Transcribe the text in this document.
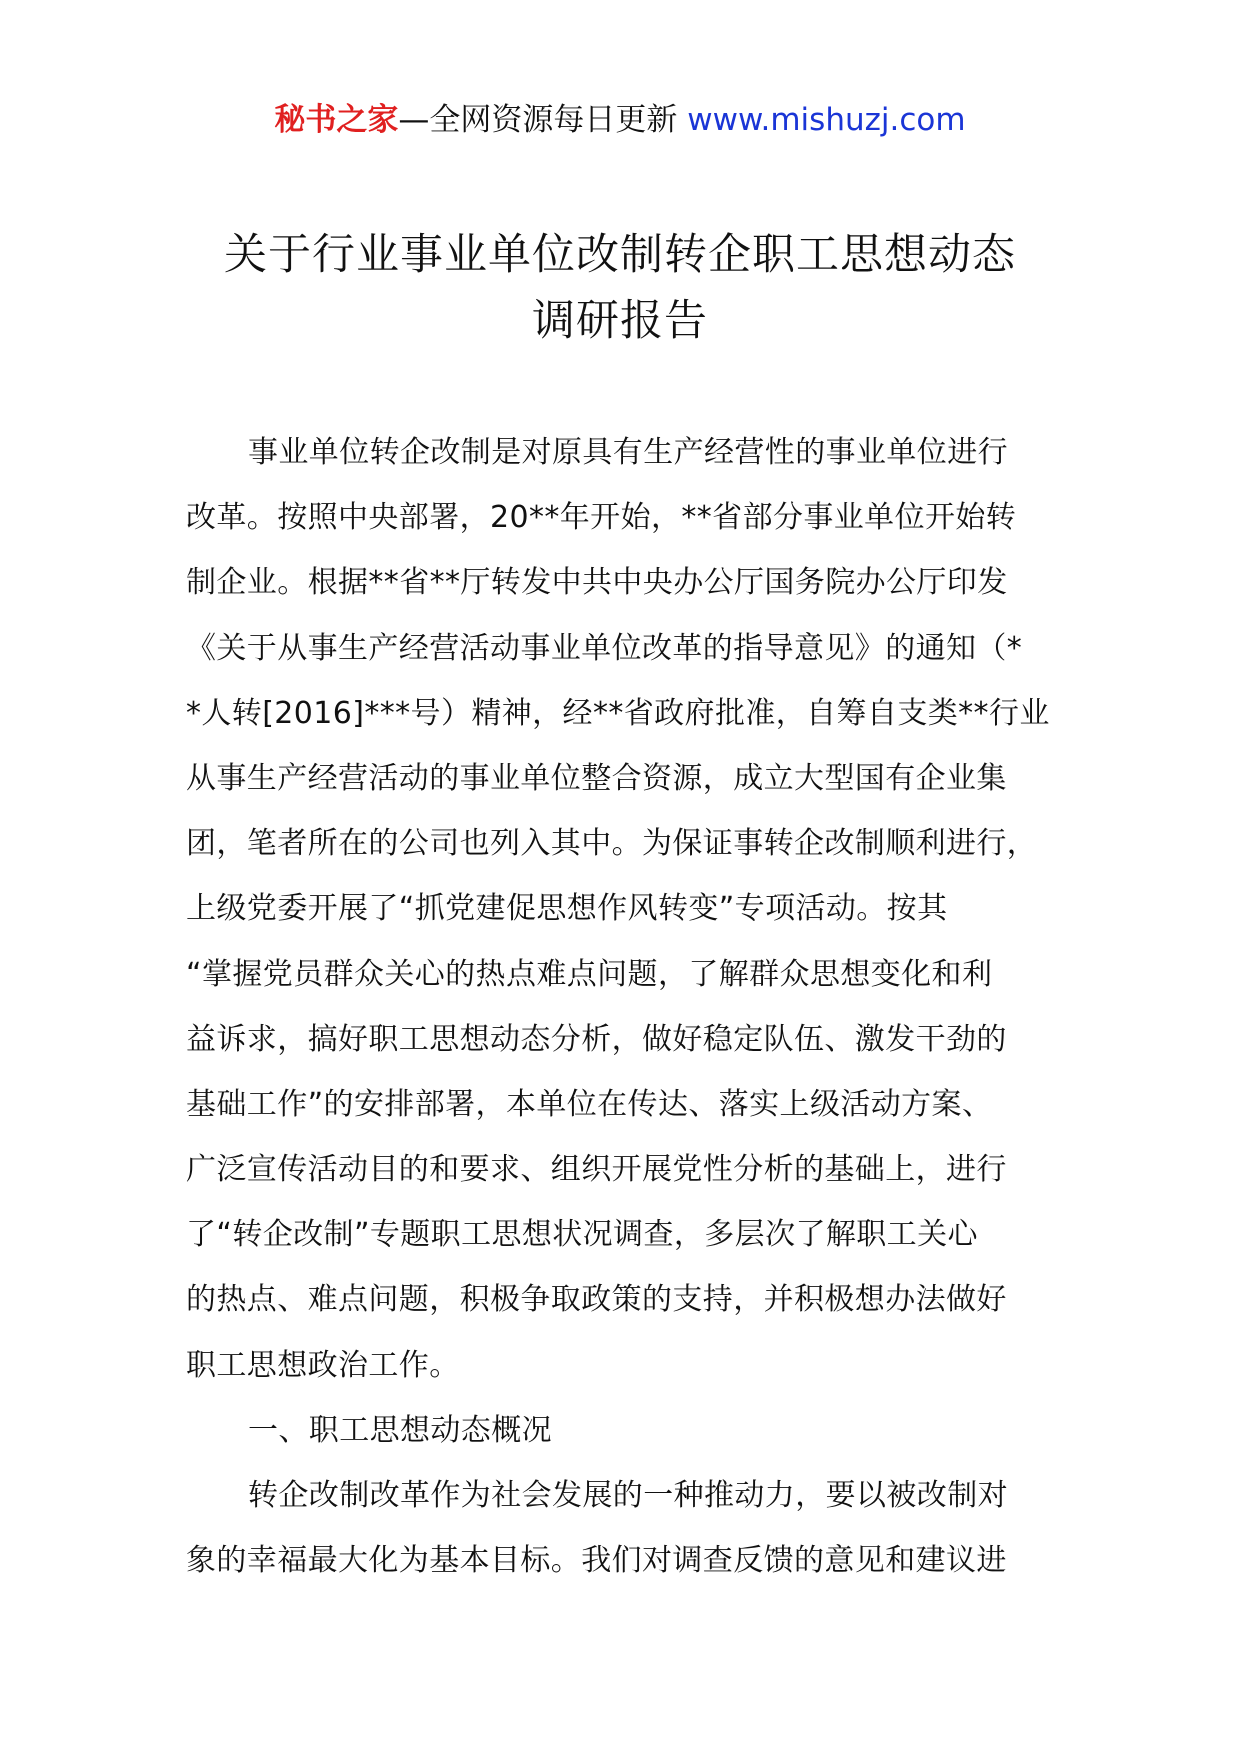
秘书之家—全网资源每日更新 www.mishuzj.com
关于行业事业单位改制转企职工思想动态
调研报告

事业单位转企改制是对原具有生产经营性的事业单位进行
改革。按照中央部署，20**年开始，**省部分事业单位开始转
制企业。根据**省**厅转发中共中央办公厅国务院办公厅印发
《关于从事生产经营活动事业单位改革的指导意见》的通知（*
*人转[2016]***号）精神，经**省政府批准，自筹自支类**行业
从事生产经营活动的事业单位整合资源，成立大型国有企业集
团，笔者所在的公司也列入其中。为保证事转企改制顺利进行，
上级党委开展了“抓党建促思想作风转变”专项活动。按其
“掌握党员群众关心的热点难点问题，了解群众思想变化和利
益诉求，搞好职工思想动态分析，做好稳定队伍、激发干劲的
基础工作”的安排部署，本单位在传达、落实上级活动方案、
广泛宣传活动目的和要求、组织开展党性分析的基础上，进行
了“转企改制”专题职工思想状况调查，多层次了解职工关心
的热点、难点问题，积极争取政策的支持，并积极想办法做好
职工思想政治工作。

一、职工思想动态概况

转企改制改革作为社会发展的一种推动力，要以被改制对
象的幸福最大化为基本目标。我们对调查反馈的意见和建议进
